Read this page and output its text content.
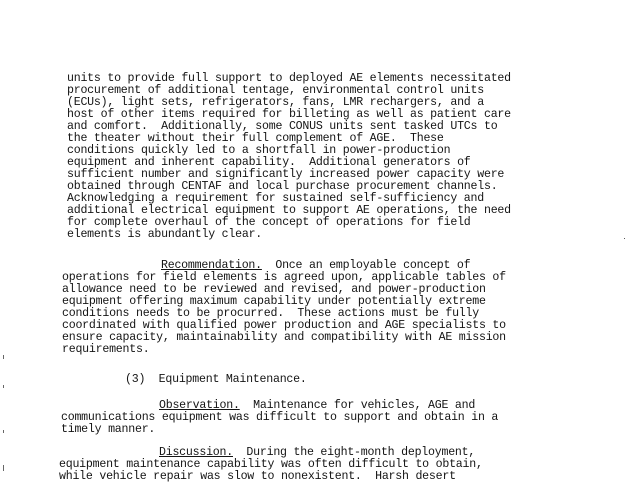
units to provide full support to deployed AE elements necessitated
procurement of additional tentage, environmental control units
(ECUs), light sets, refrigerators, fans, LMR rechargers, and a
host of other items required for billeting as well as patient care
and comfort.  Additionally, some CONUS units sent tasked UTCs to
the theater without their full complement of AGE.  These
conditions quickly led to a shortfall in power-production
equipment and inherent capability.  Additional generators of
sufficient number and significantly increased power capacity were
obtained through CENTAF and local purchase procurement channels.
Acknowledging a requirement for sustained self-sufficiency and
additional electrical equipment to support AE operations, the need
for complete overhaul of the concept of operations for field
elements is abundantly clear.
Recommendation.  Once an employable concept of
operations for field elements is agreed upon, applicable tables of
allowance need to be reviewed and revised, and power-production
equipment offering maximum capability under potentially extreme
conditions needs to be procurred.  These actions must be fully
coordinated with qualified power production and AGE specialists to
ensure capacity, maintainability and compatibility with AE mission
requirements.
(3) Equipment Maintenance.
Observation.  Maintenance for vehicles, AGE and
communications equipment was difficult to support and obtain in a
timely manner.
Discussion.  During the eight-month deployment,
equipment maintenance capability was often difficult to obtain,
while vehicle repair was slow to nonexistent.  Harsh desert
